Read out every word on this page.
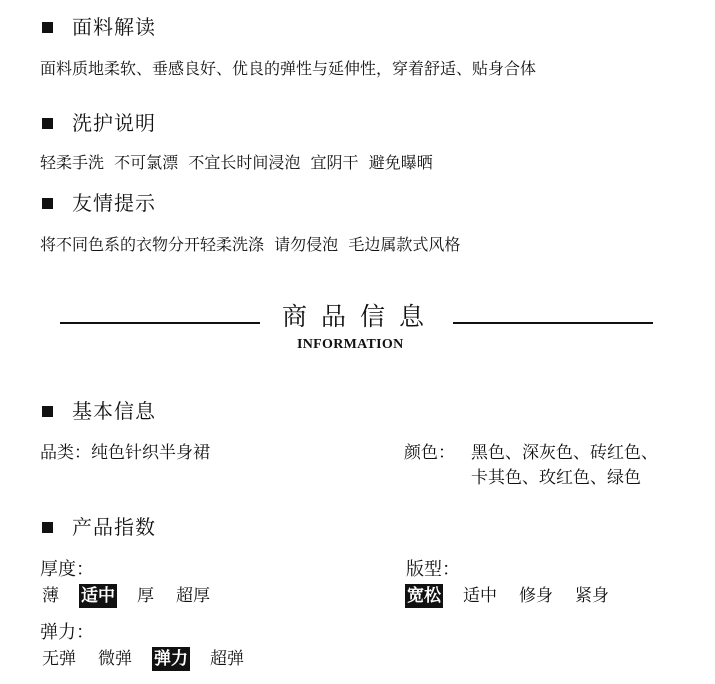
面料解读
面料质地柔软、垂感良好、优良的弹性与延伸性，穿着舒适、贴身合体
洗护说明
轻柔手洗  不可氯漂  不宜长时间浸泡  宜阴干  避免曝晒
友情提示
将不同色系的衣物分开轻柔洗涤  请勿侵泡  毛边属款式风格
商品信息
INFORMATION
基本信息
品类：纯色针织半身裙	颜色： 黑色、深灰色、砖红色、
卡其色、玫红色、绿色
产品指数
厚度：
薄 适中 厚 超厚
版型：
宽松 适中 修身 紧身
弹力：
无弹 微弹 弹力 超弹
